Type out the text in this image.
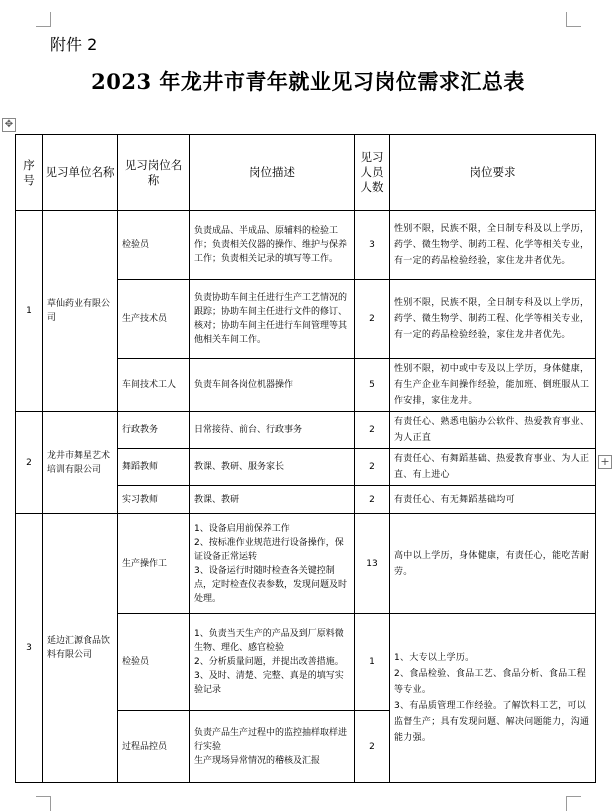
附件 2
2023 年龙井市青年就业见习岗位需求汇总表
✥
+
序号	见习单位名称	见习岗位名称	岗位描述	见习人员人数	岗位要求
1	草仙药业有限公司	检验员	负责成品、半成品、原辅料的检验工作；负责相关仪器的操作、维护与保养工作；负责相关记录的填写等工作。	3	性别不限，民族不限，全日制专科及以上学历，药学、微生物学、制药工程、化学等相关专业，有一定的药品检验经验，家住龙井者优先。
		生产技术员	负责协助车间主任进行生产工艺情况的跟踪；协助车间主任进行文件的修订、核对；协助车间主任进行车间管理等其他相关车间工作。	2	性别不限，民族不限，全日制专科及以上学历，药学、微生物学、制药工程、化学等相关专业，有一定的药品检验经验，家住龙井者优先。
		车间技术工人	负责车间各岗位机器操作	5	性别不限，初中或中专及以上学历，身体健康，有生产企业车间操作经验，能加班、倒班服从工作安排，家住龙井。
2	龙井市舞星艺术培训有限公司	行政教务	日常接待、前台、行政事务	2	有责任心、熟悉电脑办公软件、热爱教育事业、为人正直
		舞蹈教师	教课、教研、服务家长	2	有责任心、有舞蹈基础、热爱教育事业、为人正直、有上进心
		实习教师	教课、教研	2	有责任心、有无舞蹈基础均可
3	延边汇源食品饮料有限公司	生产操作工	1、设备启用前保养工作
2、按标准作业规范进行设备操作，保证设备正常运转
3、设备运行时随时检查各关键控制点，定时检查仪表参数，发现问题及时处理。	13	高中以上学历，身体健康，有责任心，能吃苦耐劳。
		检验员	1、负责当天生产的产品及到厂原料微生物、理化、感官检验
2、分析质量问题，并提出改善措施。
3、及时、清楚、完整、真是的填写实验记录	1	1、大专以上学历。
2、食品检验、食品工艺、食品分析、食品工程等专业。
3、有品质管理工作经验。了解饮料工艺，可以监督生产；具有发现问题、解决问题能力，沟通能力强。
		过程品控员	负责产品生产过程中的监控抽样取样进行实验
生产现场异常情况的稽核及汇报	2	
